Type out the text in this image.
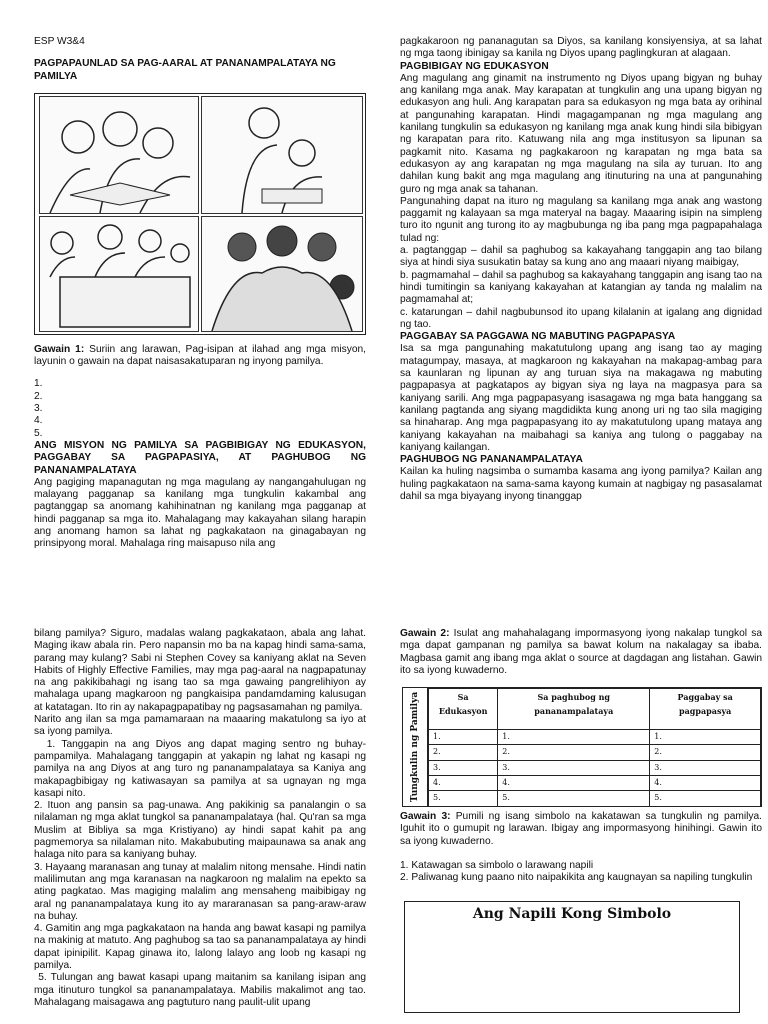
ESP W3&4

PAGPAPAUNLAD SA PAG-AARAL AT PANANAMPALATAYA NG PAMILYA

Gawain 1: Suriin ang larawan, Pag-isipan at ilahad ang mga misyon, layunin o gawain na dapat naisasakatuparan ng inyong pamilya.

1.
2.
3.
4.
5.

ANG MISYON NG PAMILYA SA PAGBIBIGAY NG EDUKASYON, PAGGABAY SA PAGPAPASIYA, AT PAGHUBOG NG PANANAMPALATAYA

Ang pagiging mapanagutan ng mga magulang ay nangangahulugan ng malayang pagganap sa kanilang mga tungkulin kakambal ang pagtanggap sa anomang kahihinatnan ng kanilang mga pagganap at hindi pagganap sa mga ito. Mahalagang may kakayahan silang harapin ang anomang hamon sa lahat ng pagkakataon na ginagabayan ng prinsipyong moral. Mahalaga ring maisapuso nila ang

pagkakaroon ng pananagutan sa Diyos, sa kanilang konsiyensiya, at sa lahat ng mga taong ibinigay sa kanila ng Diyos upang paglingkuran at alagaan.

PAGBIBIGAY NG EDUKASYON

Ang magulang ang ginamit na instrumento ng Diyos upang bigyan ng buhay ang kanilang mga anak. May karapatan at tungkulin ang una upang bigyan ng edukasyon ang huli. Ang karapatan para sa edukasyon ng mga bata ay orihinal at pangunahing karapatan. Hindi magagampanan ng mga magulang ang kanilang tungkulin sa edukasyon ng kanilang mga anak kung hindi sila bibigyan ng karapatan para rito. Katuwang nila ang mga institusyon sa lipunan sa pagkamit nito. Kasama ng pagkakaroon ng karapatan ng mga bata sa edukasyon ay ang karapatan ng mga magulang na sila ay turuan. Ito ang dahilan kung bakit ang mga magulang ang itinuturing na una at pangunahing guro ng mga anak sa tahanan.

Pangunahing dapat na ituro ng magulang sa kanilang mga anak ang wastong paggamit ng kalayaan sa mga materyal na bagay. Maaaring isipin na simpleng turo ito ngunit ang turong ito ay magbubunga ng iba pang mga pagpapahalaga tulad ng:

a. pagtanggap – dahil sa paghubog sa kakayahang tanggapin ang tao bilang siya at hindi siya susukatin batay sa kung ano ang maaari niyang maibigay,

b. pagmamahal – dahil sa paghubog sa kakayahang tanggapin ang isang tao na hindi tumitingin sa kaniyang kakayahan at katangian ay tanda ng malalim na pagmamahal at;

c. katarungan – dahil nagbubunsod ito upang kilalanin at igalang ang dignidad ng tao.

PAGGABAY SA PAGGAWA NG MABUTING PAGPAPASYA

Isa sa mga pangunahing makatutulong upang ang isang tao ay maging matagumpay, masaya, at magkaroon ng kakayahan na makapag-ambag para sa kaunlaran ng lipunan ay ang turuan siya na makagawa ng mabuting pagpapasya at pagkatapos ay bigyan siya ng laya na magpasya para sa kaniyang sarili. Ang mga pagpapasyang isasagawa ng mga bata hanggang sa kanilang pagtanda ang siyang magdidikta kung anong uri ng tao sila magiging sa hinaharap. Ang mga pagpapasyang ito ay makatutulong upang mataya ang kaniyang kakayahan na maibahagi sa kaniya ang tulong o paggabay na kaniyang kailangan.

PAGHUBOG NG PANANAMPALATAYA

Kailan ka huling nagsimba o sumamba kasama ang iyong pamilya? Kailan ang huling pagkakataon na sama-sama kayong kumain at nagbigay ng pasasalamat dahil sa mga biyayang inyong tinanggap

bilang pamilya? Siguro, madalas walang pagkakataon, abala ang lahat. Maging ikaw abala rin. Pero napansin mo ba na kapag hindi sama-sama, parang may kulang? Sabi ni Stephen Covey sa kaniyang aklat na Seven Habits of Highly Effective Families, may mga pag-aaral na nagpapatunay na ang pakikibahagi ng isang tao sa mga gawaing pangrelihiyon ay mahalaga upang magkaroon ng pangkaisipa pandamdaming kalusugan at katatagan. Ito rin ay nakapagpapatibay ng pagsasamahan ng pamilya.

Narito ang ilan sa mga pamamaraan na maaaring makatulong sa iyo at sa iyong pamilya.

1. Tanggapin na ang Diyos ang dapat maging sentro ng buhay-pampamilya. Mahalagang tanggapin at yakapin ng lahat ng kasapi ng pamilya na ang Diyos at ang turo ng pananampalataya sa Kaniya ang makapagbibigay ng katiwasayan sa pamilya at sa ugnayan ng mga kasapi nito.

2. Ituon ang pansin sa pag-unawa. Ang pakikinig sa panalangin o sa nilalaman ng mga aklat tungkol sa pananampalataya (hal. Qu'ran sa mga Muslim at Bibliya sa mga Kristiyano) ay hindi sapat kahit pa ang pagmemorya sa nilalaman nito. Makabubuting maipaunawa sa anak ang halaga nito para sa kaniyang buhay.

3. Hayaang maranasan ang tunay at malalim nitong mensahe. Hindi natin malilimutan ang mga karanasan na nagkaroon ng malalim na epekto sa ating pagkatao. Mas magiging malalim ang mensaheng maibibigay ng aral ng pananampalataya kung ito ay mararanasan sa pang-araw-araw na buhay.

4. Gamitin ang mga pagkakataon na handa ang bawat kasapi ng pamilya na makinig at matuto. Ang paghubog sa tao sa pananampalataya ay hindi dapat ipinipilit. Kapag ginawa ito, lalong lalayo ang loob ng kasapi ng pamilya.

5. Tulungan ang bawat kasapi upang maitanim sa kanilang isipan ang mga itinuturo tungkol sa pananampalataya. Mabilis makalimot ang tao. Mahalagang maisagawa ang pagtuturo nang paulit-ulit upang

Gawain 2: Isulat ang mahahalagang impormasyong iyong nakalap tungkol sa mga dapat gampanan ng pamilya sa bawat kolum na nakalagay sa ibaba. Magbasa gamit ang ibang mga aklat o source at dagdagan ang listahan. Gawin ito sa iyong kuwaderno.

Tungkulin ng Pamilya	Sa Edukasyon	Sa paghubog ng pananampalataya	Paggabay sa pagpapasya
1.	1.	1.
2.	2.	2.
3.	3.	3.
4.	4.	4.
5.	5.	5.

Gawain 3: Pumili ng isang simbolo na kakatawan sa tungkulin ng pamilya. Iguhit ito o gumupit ng larawan. Ibigay ang impormasyong hinihingi. Gawin ito sa iyong kuwaderno.

1. Katawagan sa simbolo o larawang napili

2. Paliwanag kung paano nito naipakikita ang kaugnayan sa napiling tungkulin

Ang Napili Kong Simbolo
